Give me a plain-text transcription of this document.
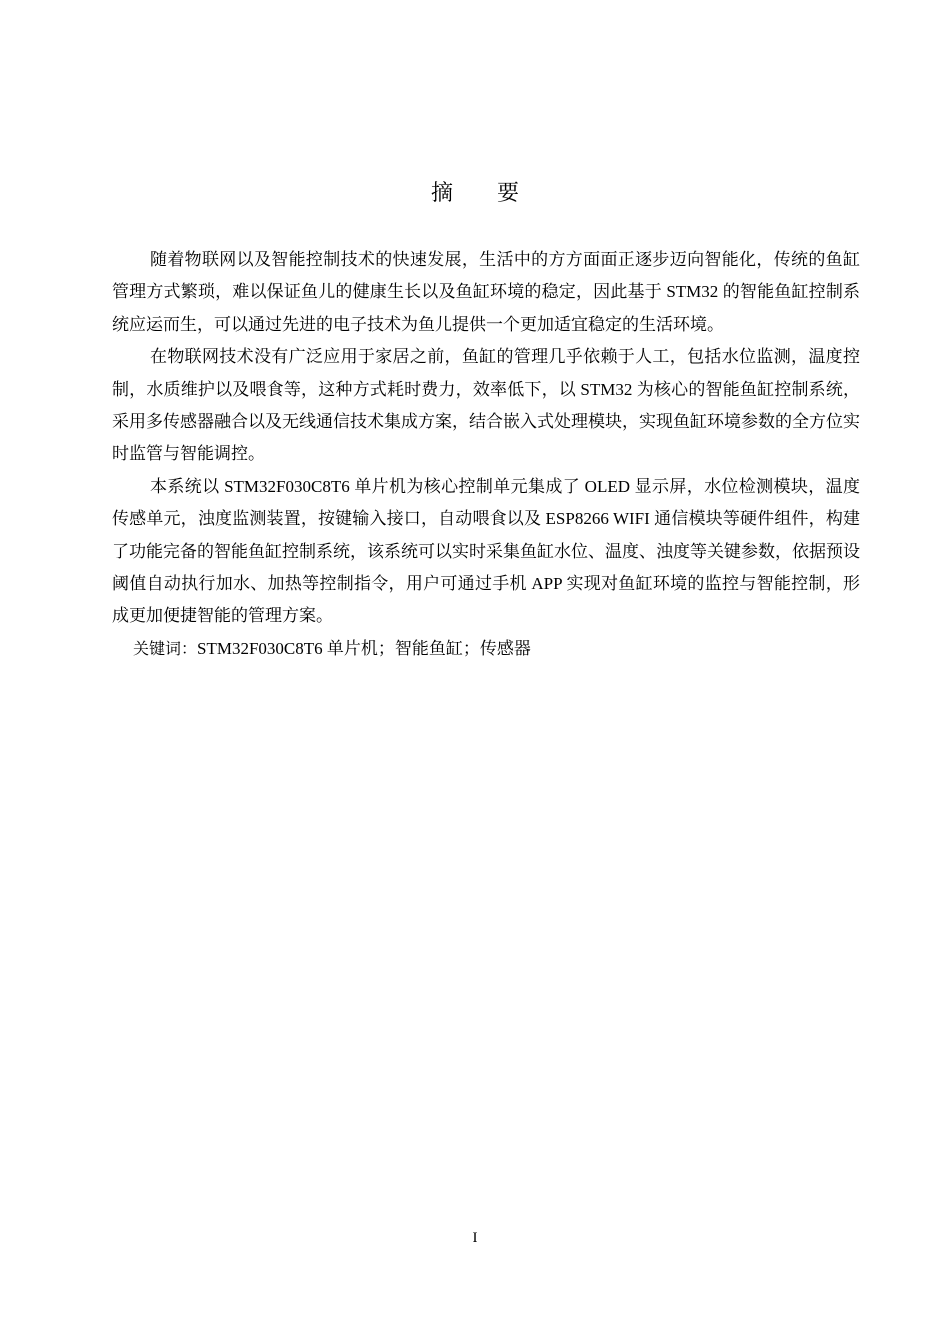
摘要

随着物联网以及智能控制技术的快速发展，生活中的方方面面正逐步迈向智能化，传统的鱼缸管理方式繁琐，难以保证鱼儿的健康生长以及鱼缸环境的稳定，因此基于 STM32 的智能鱼缸控制系统应运而生，可以通过先进的电子技术为鱼儿提供一个更加适宜稳定的生活环境。

在物联网技术没有广泛应用于家居之前，鱼缸的管理几乎依赖于人工，包括水位监测，温度控制，水质维护以及喂食等，这种方式耗时费力，效率低下，以 STM32 为核心的智能鱼缸控制系统，采用多传感器融合以及无线通信技术集成方案，结合嵌入式处理模块，实现鱼缸环境参数的全方位实时监管与智能调控。

本系统以 STM32F030C8T6 单片机为核心控制单元集成了 OLED 显示屏，水位检测模块，温度传感单元，浊度监测装置，按键输入接口，自动喂食以及 ESP8266 WIFI 通信模块等硬件组件，构建了功能完备的智能鱼缸控制系统，该系统可以实时采集鱼缸水位、温度、浊度等关键参数，依据预设阈值自动执行加水、加热等控制指令，用户可通过手机 APP 实现对鱼缸环境的监控与智能控制，形成更加便捷智能的管理方案。

关键词：STM32F030C8T6 单片机；智能鱼缸；传感器

I
